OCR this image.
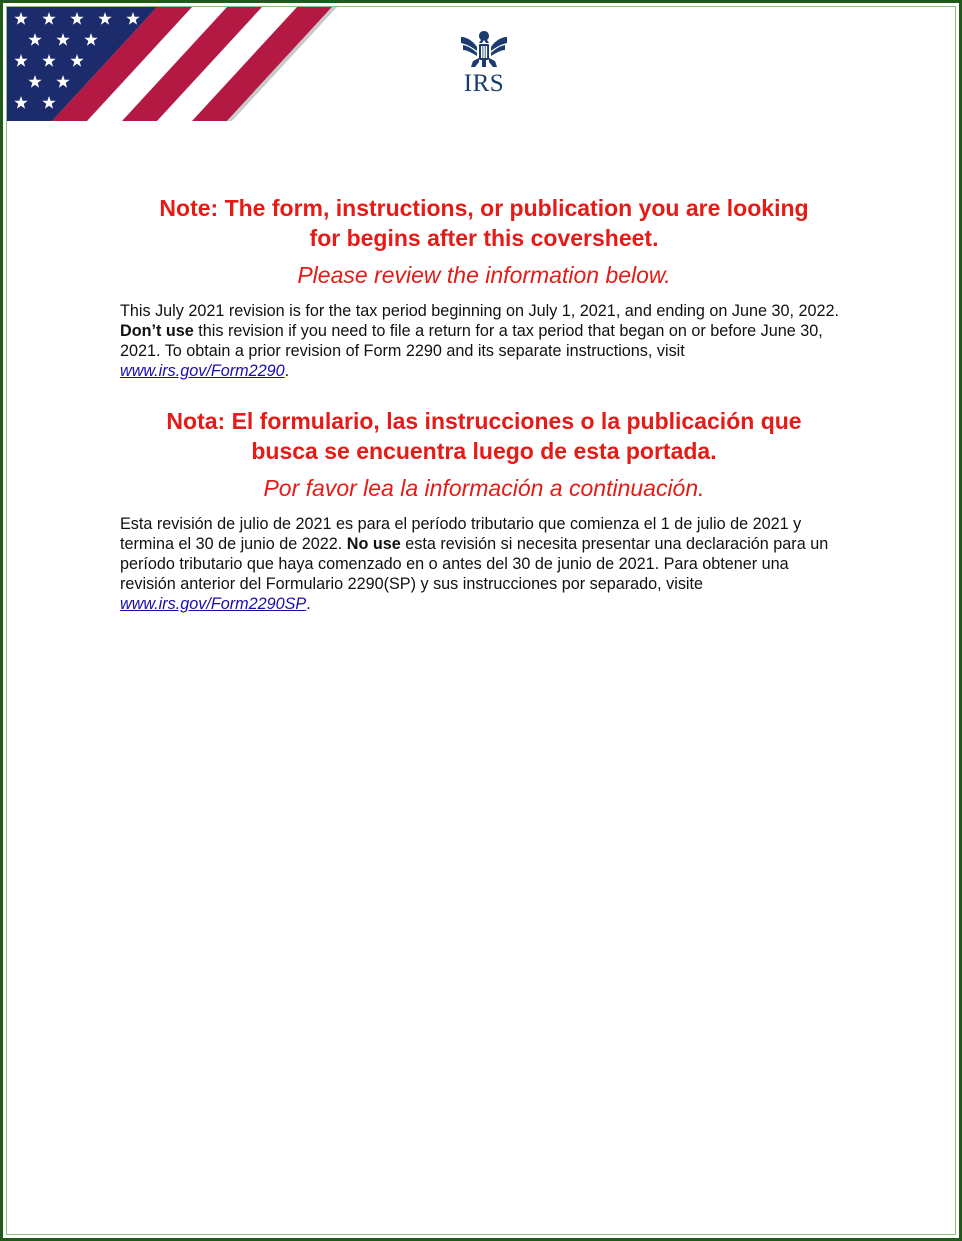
IRS

Note: The form, instructions, or publication you are looking
for begins after this coversheet.

Please review the information below.

This July 2021 revision is for the tax period beginning on July 1, 2021, and ending on June 30, 2022. Don’t use this revision if you need to file a return for a tax period that began on or before June 30, 2021. To obtain a prior revision of Form 2290 and its separate instructions, visit www.irs.gov/Form2290.

Nota: El formulario, las instrucciones o la publicación que
busca se encuentra luego de esta portada.

Por favor lea la información a continuación.

Esta revisión de julio de 2021 es para el período tributario que comienza el 1 de julio de 2021 y termina el 30 de junio de 2022. No use esta revisión si necesita presentar una declaración para un período tributario que haya comenzado en o antes del 30 de junio de 2021. Para obtener una revisión anterior del Formulario 2290(SP) y sus instrucciones por separado, visite www.irs.gov/Form2290SP.
